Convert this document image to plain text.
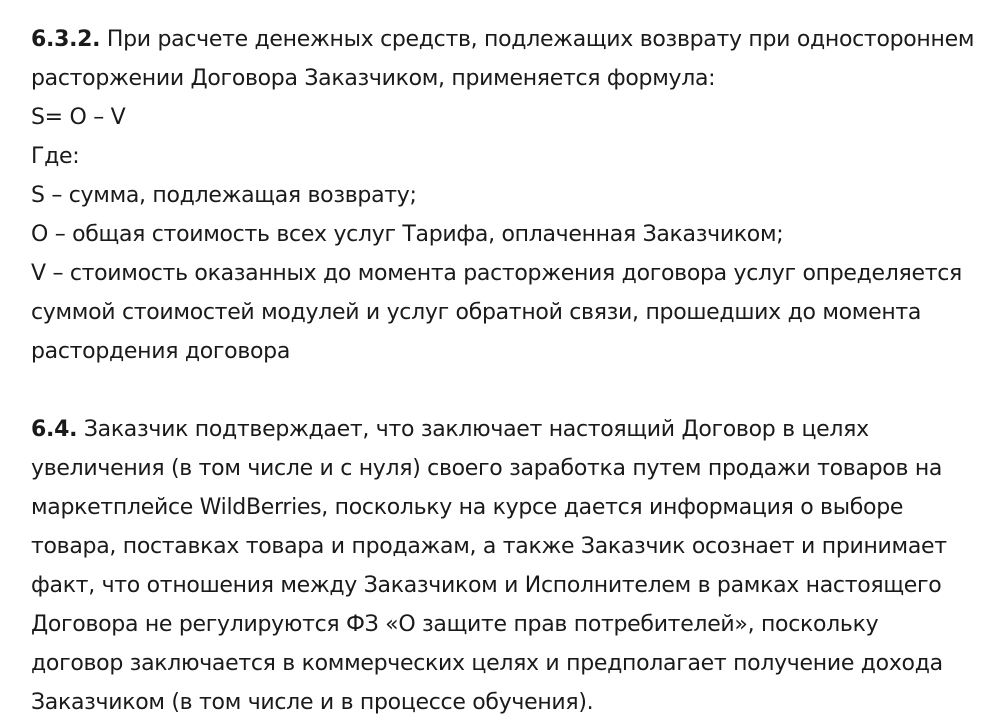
6.3.2. При расчете денежных средств, подлежащих возврату при одностороннем
расторжении Договора Заказчиком, применяется формула:
S= O – V
Где:
S – сумма, подлежащая возврату;
O – общая стоимость всех услуг Тарифа, оплаченная Заказчиком;
V – стоимость оказанных до момента расторжения договора услуг определяется
суммой стоимостей модулей и услуг обратной связи, прошедших до момента
растордения договора
6.4. Заказчик подтверждает, что заключает настоящий Договор в целях
увеличения (в том числе и с нуля) своего заработка путем продажи товаров на
маркетплейсе WildBerries, поскольку на курсе дается информация о выборе
товара, поставках товара и продажам, а также Заказчик осознает и принимает
факт, что отношения между Заказчиком и Исполнителем в рамках настоящего
Договора не регулируются ФЗ «О защите прав потребителей», поскольку
договор заключается в коммерческих целях и предполагает получение дохода
Заказчиком (в том числе и в процессе обучения).
